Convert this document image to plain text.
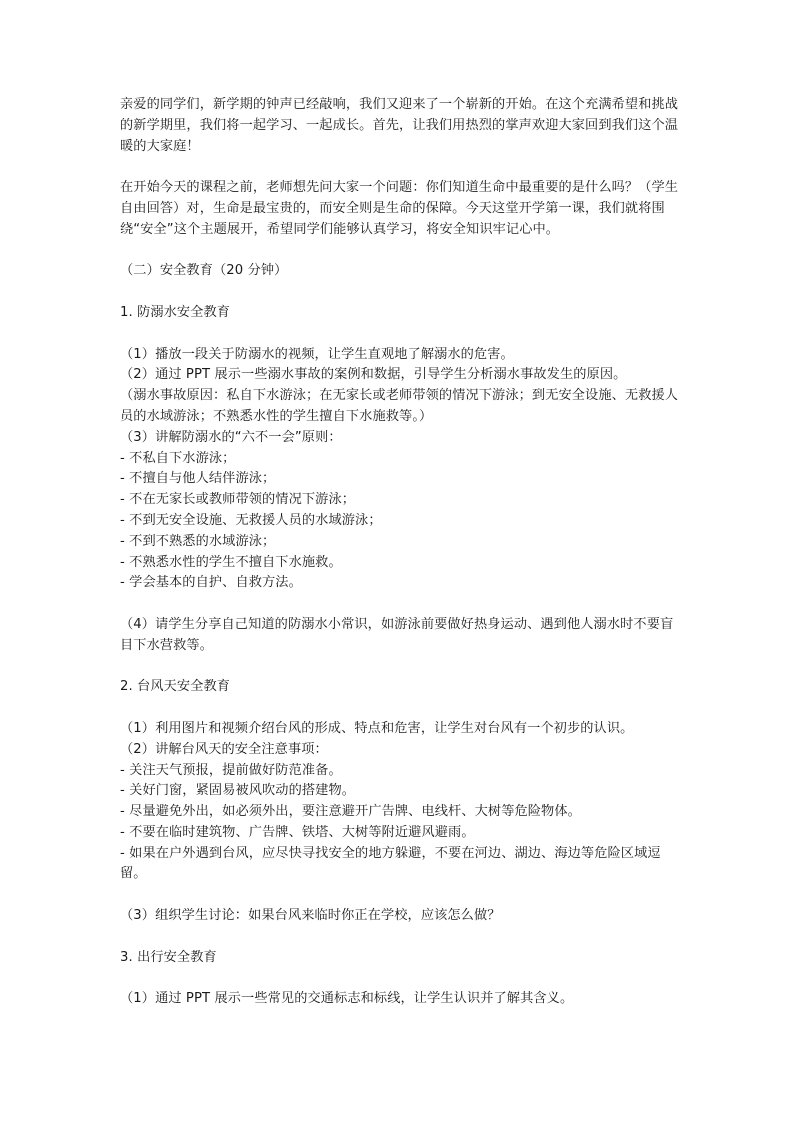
亲爱的同学们，新学期的钟声已经敲响，我们又迎来了一个崭新的开始。在这个充满希望和挑战的新学期里，我们将一起学习、一起成长。首先，让我们用热烈的掌声欢迎大家回到我们这个温暖的大家庭！

在开始今天的课程之前，老师想先问大家一个问题：你们知道生命中最重要的是什么吗？（学生自由回答）对，生命是最宝贵的，而安全则是生命的保障。今天这堂开学第一课，我们就将围绕“安全”这个主题展开，希望同学们能够认真学习，将安全知识牢记心中。

（二）安全教育（20 分钟）

1. 防溺水安全教育

（1）播放一段关于防溺水的视频，让学生直观地了解溺水的危害。
（2）通过 PPT 展示一些溺水事故的案例和数据，引导学生分析溺水事故发生的原因。
（溺水事故原因：私自下水游泳；在无家长或老师带领的情况下游泳；到无安全设施、无救援人员的水域游泳；不熟悉水性的学生擅自下水施救等。）
（3）讲解防溺水的“六不一会”原则：
- 不私自下水游泳；
- 不擅自与他人结伴游泳；
- 不在无家长或教师带领的情况下游泳；
- 不到无安全设施、无救援人员的水域游泳；
- 不到不熟悉的水域游泳；
- 不熟悉水性的学生不擅自下水施救。
- 学会基本的自护、自救方法。

（4）请学生分享自己知道的防溺水小常识，如游泳前要做好热身运动、遇到他人溺水时不要盲目下水营救等。

2. 台风天安全教育

（1）利用图片和视频介绍台风的形成、特点和危害，让学生对台风有一个初步的认识。
（2）讲解台风天的安全注意事项：
- 关注天气预报，提前做好防范准备。
- 关好门窗，紧固易被风吹动的搭建物。
- 尽量避免外出，如必须外出，要注意避开广告牌、电线杆、大树等危险物体。
- 不要在临时建筑物、广告牌、铁塔、大树等附近避风避雨。
- 如果在户外遇到台风，应尽快寻找安全的地方躲避，不要在河边、湖边、海边等危险区域逗留。

（3）组织学生讨论：如果台风来临时你正在学校，应该怎么做？

3. 出行安全教育

（1）通过 PPT 展示一些常见的交通标志和标线，让学生认识并了解其含义。
